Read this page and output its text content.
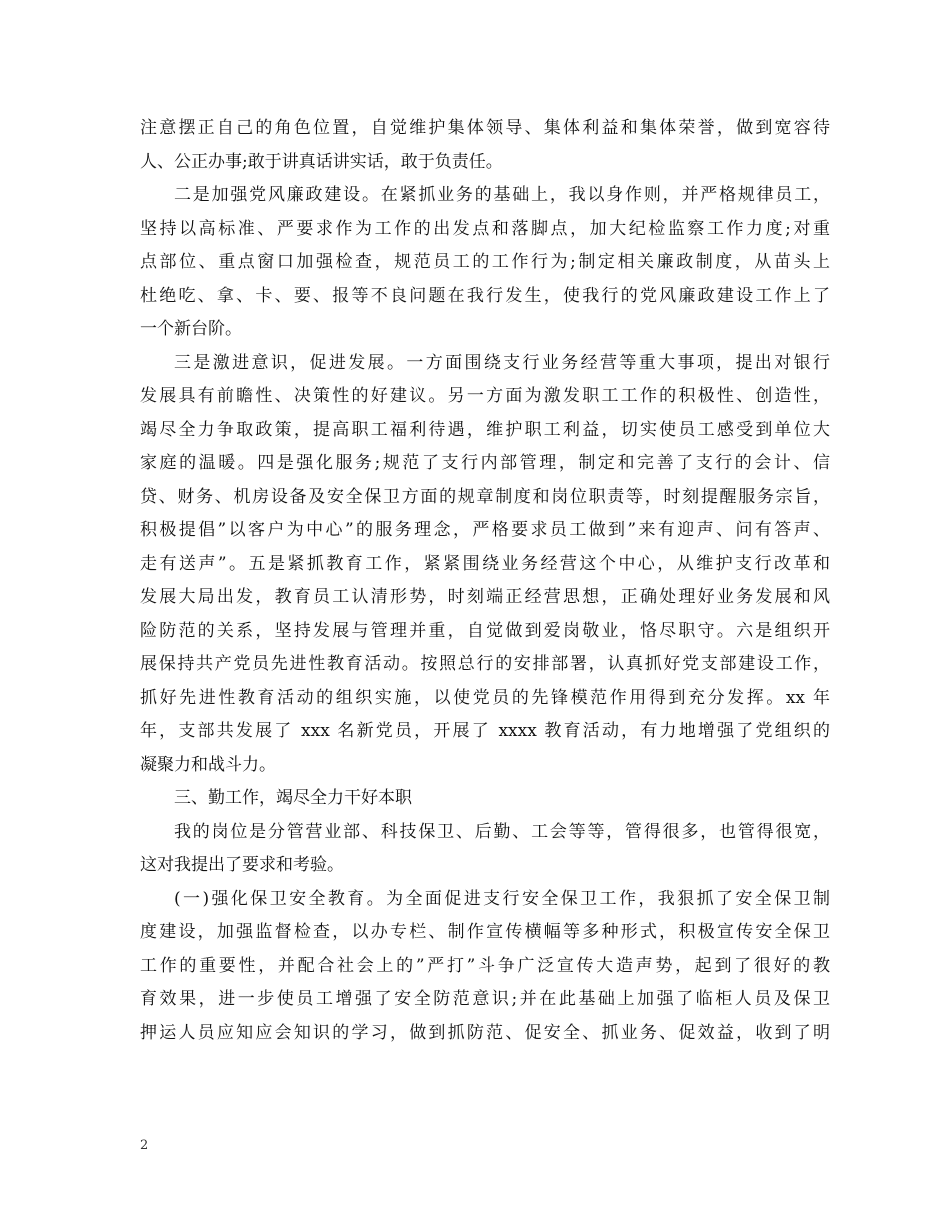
注意摆正自己的角色位置，自觉维护集体领导、集体利益和集体荣誉，做到宽容待
人、公正办事;敢于讲真话讲实话，敢于负责任。
二是加强党风廉政建设。在紧抓业务的基础上，我以身作则，并严格规律员工，
坚持以高标准、严要求作为工作的出发点和落脚点，加大纪检监察工作力度;对重
点部位、重点窗口加强检查，规范员工的工作行为;制定相关廉政制度，从苗头上
杜绝吃、拿、卡、要、报等不良问题在我行发生，使我行的党风廉政建设工作上了
一个新台阶。
三是激进意识，促进发展。一方面围绕支行业务经营等重大事项，提出对银行
发展具有前瞻性、决策性的好建议。另一方面为激发职工工作的积极性、创造性，
竭尽全力争取政策，提高职工福利待遇，维护职工利益，切实使员工感受到单位大
家庭的温暖。四是强化服务;规范了支行内部管理，制定和完善了支行的会计、信
贷、财务、机房设备及安全保卫方面的规章制度和岗位职责等，时刻提醒服务宗旨，
积极提倡”以客户为中心”的服务理念，严格要求员工做到”来有迎声、问有答声、
走有送声”。五是紧抓教育工作，紧紧围绕业务经营这个中心，从维护支行改革和
发展大局出发，教育员工认清形势，时刻端正经营思想，正确处理好业务发展和风
险防范的关系，坚持发展与管理并重，自觉做到爱岗敬业，恪尽职守。六是组织开
展保持共产党员先进性教育活动。按照总行的安排部署，认真抓好党支部建设工作，
抓好先进性教育活动的组织实施，以使党员的先锋模范作用得到充分发挥。xx 年
年，支部共发展了 xxx 名新党员，开展了 xxxx 教育活动，有力地增强了党组织的
凝聚力和战斗力。
三、勤工作，竭尽全力干好本职
我的岗位是分管营业部、科技保卫、后勤、工会等等，管得很多，也管得很宽，
这对我提出了要求和考验。
(一)强化保卫安全教育。为全面促进支行安全保卫工作，我狠抓了安全保卫制
度建设，加强监督检查，以办专栏、制作宣传横幅等多种形式，积极宣传安全保卫
工作的重要性，并配合社会上的”严打”斗争广泛宣传大造声势，起到了很好的教
育效果，进一步使员工增强了安全防范意识;并在此基础上加强了临柜人员及保卫
押运人员应知应会知识的学习，做到抓防范、促安全、抓业务、促效益，收到了明
2
